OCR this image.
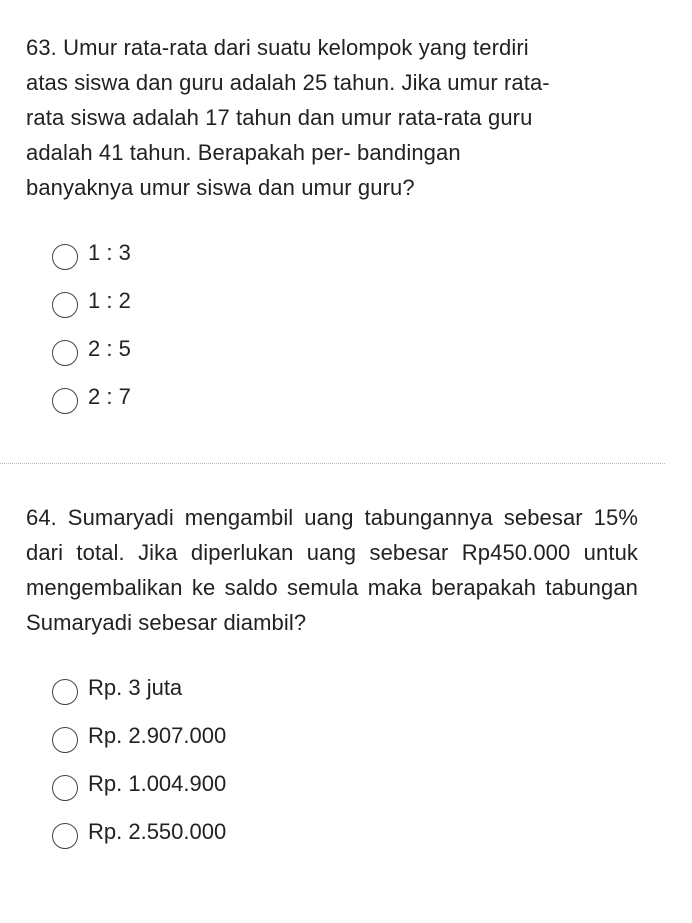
63. Umur rata-rata dari suatu kelompok yang terdiri
atas siswa dan guru adalah 25 tahun. Jika umur rata-
rata siswa adalah 17 tahun dan umur rata-rata guru
adalah 41 tahun. Berapakah per- bandingan
banyaknya umur siswa dan umur guru?

1 : 3
1 : 2
2 : 5
2 : 7

64. Sumaryadi mengambil uang tabungannya sebesar 15% dari total. Jika diperlukan uang sebesar Rp450.000 untuk mengembalikan ke saldo semula maka berapakah tabungan Sumaryadi sebesar diambil?

Rp. 3 juta
Rp. 2.907.000
Rp. 1.004.900
Rp. 2.550.000
